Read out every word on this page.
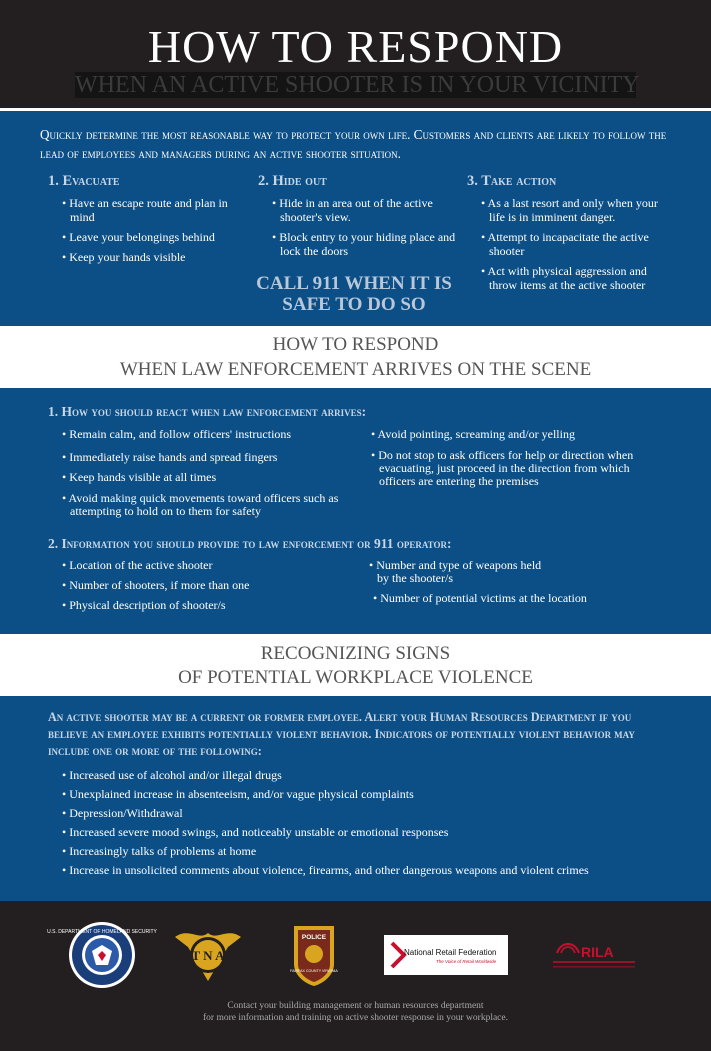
HOW TO RESPOND
WHEN AN ACTIVE SHOOTER IS IN YOUR VICINITY
Quickly determine the most reasonable way to protect your own life. Customers and clients are likely to follow the lead of employees and managers during an active shooter situation.
1. Evacuate
• Have an escape route and plan in mind
• Leave your belongings behind
• Keep your hands visible
2. Hide out
• Hide in an area out of the active shooter's view.
• Block entry to your hiding place and lock the doors
3. Take action
• As a last resort and only when your life is in imminent danger.
• Attempt to incapacitate the active shooter
• Act with physical aggression and throw items at the active shooter
CALL 911 WHEN IT IS
SAFE TO DO SO
HOW TO RESPOND
WHEN LAW ENFORCEMENT ARRIVES ON THE SCENE
1. How you should react when law enforcement arrives:
• Remain calm, and follow officers' instructions
• Immediately raise hands and spread fingers
• Keep hands visible at all times
• Avoid making quick movements toward officers such as
attempting to hold on to them for safety
• Avoid pointing, screaming and/or yelling
• Do not stop to ask officers for help or direction when
evacuating, just proceed in the direction from which
officers are entering the premises
2. Information you should provide to law enforcement or 911 operator:
• Location of the active shooter
• Number of shooters, if more than one
• Physical description of shooter/s
• Number and type of weapons held
by the shooter/s
• Number of potential victims at the location
RECOGNIZING SIGNS
OF POTENTIAL WORKPLACE VIOLENCE
An active shooter may be a current or former employee. Alert your Human Resources Department if you believe an employee exhibits potentially violent behavior. Indicators of potentially violent behavior may include one or more of the following:
• Increased use of alcohol and/or illegal drugs
• Unexplained increase in absenteeism, and/or vague physical complaints
• Depression/Withdrawal
• Increased severe mood swings, and noticeably unstable or emotional responses
• Increasingly talks of problems at home
• Increase in unsolicited comments about violence, firearms, and other dangerous weapons and violent crimes
U.S. DEPARTMENT OF HOMELAND SECURITY
T N A
POLICE
FAIRFAX COUNTY VIRGINIA
National Retail Federation
The Voice of Retail Worldwide
RILA
Contact your building management or human resources department
for more information and training on active shooter response in your workplace.
